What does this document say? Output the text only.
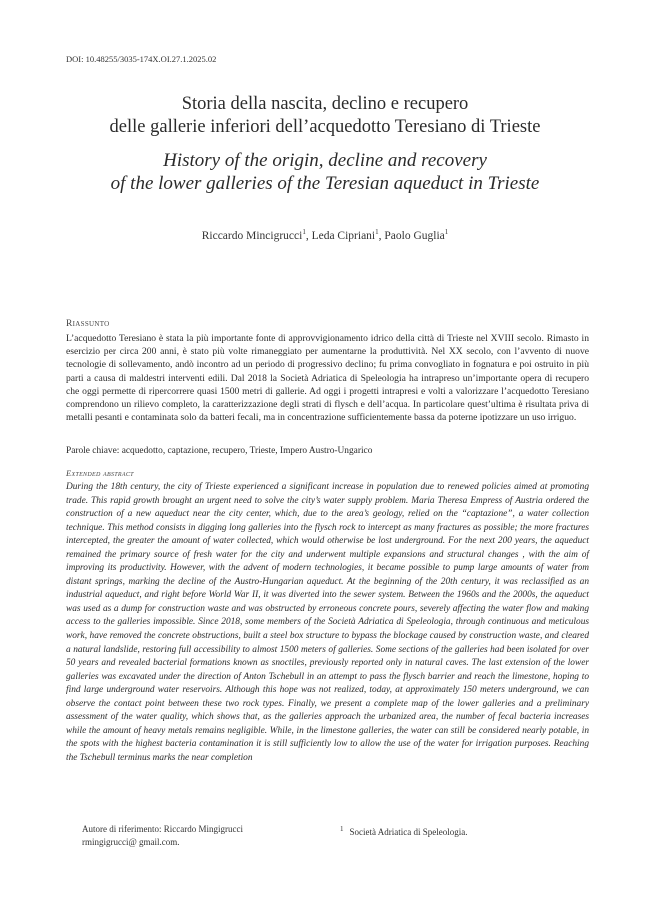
DOI: 10.48255/3035-174X.OI.27.1.2025.02
Storia della nascita, declino e recupero
delle gallerie inferiori dell’acquedotto Teresiano di Trieste
History of the origin, decline and recovery
of the lower galleries of the Teresian aqueduct in Trieste
Riccardo Mincigrucci$^1$, Leda Cipriani$^1$, Paolo Guglia$^1$
Riassunto
L’acquedotto Teresiano è stata la più importante fonte di approvvigionamento idrico della città di Trieste nel XVIII secolo. Rimasto in esercizio per circa 200 anni, è stato più volte rimaneggiato per aumentarne la produttività. Nel XX secolo, con l’avvento di nuove tecnologie di sollevamento, andò incontro ad un periodo di progressivo declino; fu prima convogliato in fognatura e poi ostruito in più parti a causa di maldestri interventi edili. Dal 2018 la Società Adriatica di Speleologia ha intrapreso un’importante opera di recupero che oggi permette di ripercorrere quasi 1500 metri di gallerie. Ad oggi i progetti intrapresi e volti a valorizzare l’acquedotto Teresiano comprendono un rilievo completo, la caratterizzazione degli strati di flysch e dell’acqua. In particolare quest’ultima è risultata priva di metalli pesanti e contaminata solo da batteri fecali, ma in concentrazione sufficientemente bassa da poterne ipotizzare un uso irriguo.
Parole chiave: acquedotto, captazione, recupero, Trieste, Impero Austro-Ungarico
Extended abstract
During the 18th century, the city of Trieste experienced a significant increase in population due to renewed policies aimed at promoting trade. This rapid growth brought an urgent need to solve the city’s water supply problem. Maria Theresa Empress of Austria ordered the construction of a new aqueduct near the city center, which, due to the area’s geology, relied on the “captazione”, a water collection technique. This method consists in digging long galleries into the flysch rock to intercept as many fractures as possible; the more fractures intercepted, the greater the amount of water collected, which would otherwise be lost underground. For the next 200 years, the aqueduct remained the primary source of fresh water for the city and underwent multiple expansions and structural changes , with the aim of improving its productivity. However, with the advent of modern technologies, it became possible to pump large amounts of water from distant springs, marking the decline of the Austro-Hungarian aqueduct. At the beginning of the 20th century, it was reclassified as an industrial aqueduct, and right before World War II, it was diverted into the sewer system. Between the 1960s and the 2000s, the aqueduct was used as a dump for construction waste and was obstructed by erroneous concrete pours, severely affecting the water flow and making access to the galleries impossible. Since 2018, some members of the Società Adriatica di Speleologia, through continuous and meticulous work, have removed the concrete obstructions, built a steel box structure to bypass the blockage caused by construction waste, and cleared a natural landslide, restoring full accessibility to almost 1500 meters of galleries. Some sections of the galleries had been isolated for over 50 years and revealed bacterial formations known as snoctiles, previously reported only in natural caves. The last extension of the lower galleries was excavated under the direction of Anton Tschebull in an attempt to pass the flysch barrier and reach the limestone, hoping to find large underground water reservoirs. Although this hope was not realized, today, at approximately 150 meters underground, we can observe the contact point between these two rock types. Finally, we present a complete map of the lower galleries and a preliminary assessment of the water quality, which shows that, as the galleries approach the urbanized area, the number of fecal bacteria increases while the amount of heavy metals remains negligible. While, in the limestone galleries, the water can still be considered nearly potable, in the spots with the highest bacteria contamination it is still sufficiently low to allow the use of the water for irrigation purposes. Reaching the Tschebull terminus marks the near completion
Autore di riferimento: Riccardo Mingigrucci
rmingigrucci@ gmail.com.
$^1$ Società Adriatica di Speleologia.
